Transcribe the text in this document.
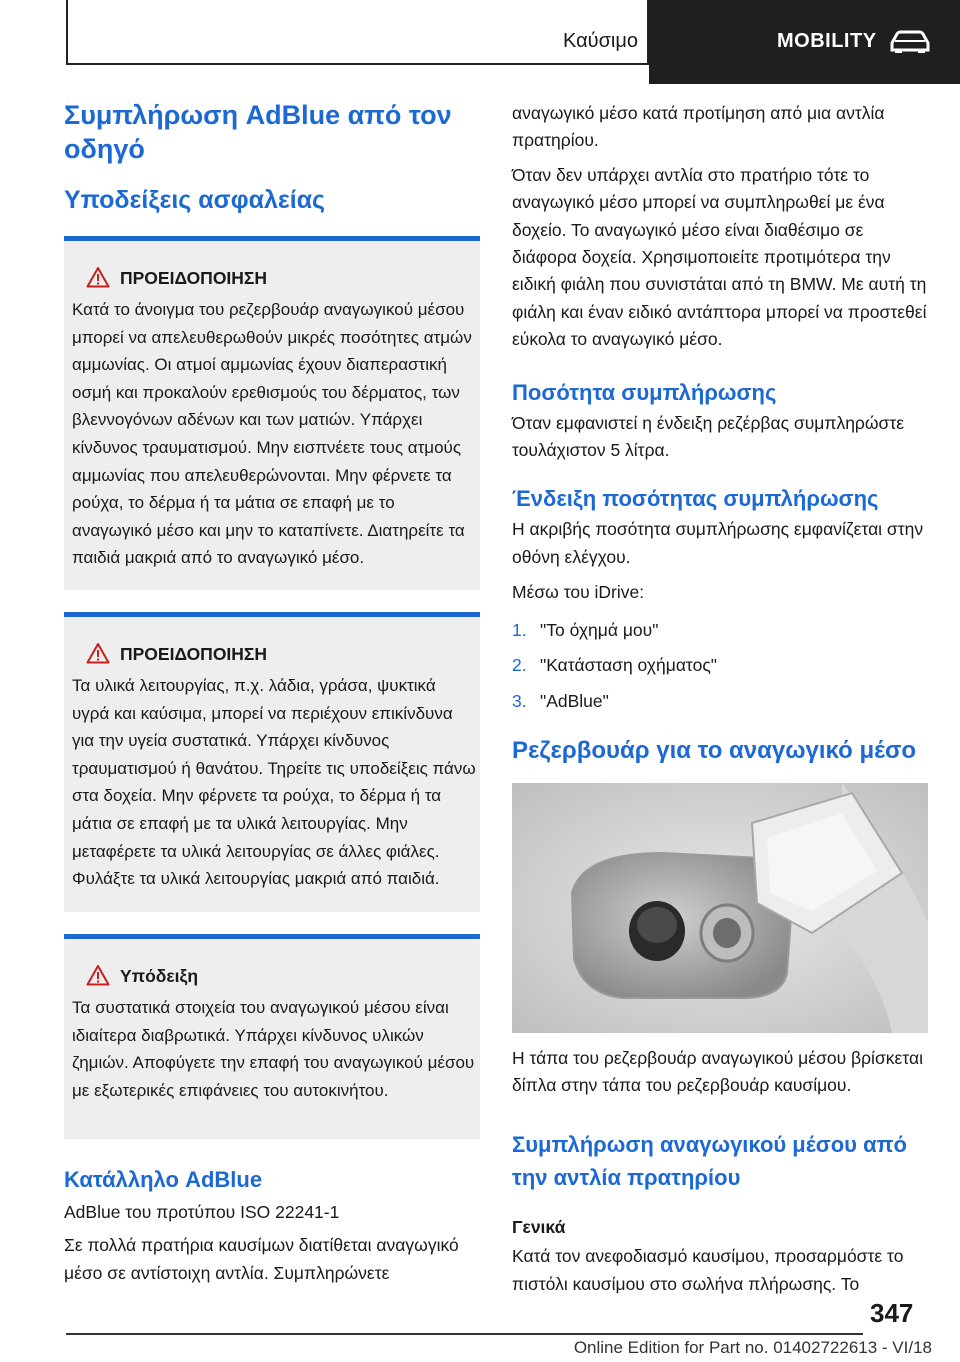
Καύσιμο	MOBILITY
Συμπλήρωση AdBlue από τον οδηγό
Υποδείξεις ασφαλείας
ΠΡΟΕΙΔΟΠΟΙΗΣΗ

Κατά το άνοιγμα του ρεζερβουάρ αναγωγικού μέσου μπορεί να απελευθερωθούν μικρές ποσότητες ατμών αμμωνίας. Οι ατμοί αμμωνίας έχουν διαπεραστική οσμή και προκαλούν ερεθισμούς του δέρματος, των βλεννογόνων αδένων και των ματιών. Υπάρχει κίνδυνος τραυματισμού. Μην εισπνέετε τους ατμούς αμμωνίας που απελευθερώνονται. Μην φέρνετε τα ρούχα, το δέρμα ή τα μάτια σε επαφή με το αναγωγικό μέσο και μην το καταπίνετε. Διατηρείτε τα παιδιά μακριά από το αναγωγικό μέσο.

ΠΡΟΕΙΔΟΠΟΙΗΣΗ

Τα υλικά λειτουργίας, π.χ. λάδια, γράσα, ψυκτικά υγρά και καύσιμα, μπορεί να περιέχουν επικίνδυνα για την υγεία συστατικά. Υπάρχει κίνδυνος τραυματισμού ή θανάτου. Τηρείτε τις υποδείξεις πάνω στα δοχεία. Μην φέρνετε τα ρούχα, το δέρμα ή τα μάτια σε επαφή με τα υλικά λειτουργίας. Μην μεταφέρετε τα υλικά λειτουργίας σε άλλες φιάλες. Φυλάξτε τα υλικά λειτουργίας μακριά από παιδιά.

Υπόδειξη

Τα συστατικά στοιχεία του αναγωγικού μέσου είναι ιδιαίτερα διαβρωτικά. Υπάρχει κίνδυνος υλικών ζημιών. Αποφύγετε την επαφή του αναγωγικού μέσου με εξωτερικές επιφάνειες του αυτοκινήτου.

Κατάλληλο AdBlue

AdBlue του προτύπου ISO 22241-1

Σε πολλά πρατήρια καυσίμων διατίθεται αναγωγικό μέσο σε αντίστοιχη αντλία. Συμπληρώνετε

αναγωγικό μέσο κατά προτίμηση από μια αντλία πρατηρίου.

Όταν δεν υπάρχει αντλία στο πρατήριο τότε το αναγωγικό μέσο μπορεί να συμπληρωθεί με ένα δοχείο. Το αναγωγικό μέσο είναι διαθέσιμο σε διάφορα δοχεία. Χρησιμοποιείτε προτιμότερα την ειδική φιάλη που συνιστάται από τη BMW. Με αυτή τη φιάλη και έναν ειδικό αντάπτορα μπορεί να προστεθεί εύκολα το αναγωγικό μέσο.

Ποσότητα συμπλήρωσης

Όταν εμφανιστεί η ένδειξη ρεζέρβας συμπληρώστε τουλάχιστον 5 λίτρα.

Ένδειξη ποσότητας συμπλήρωσης

Η ακριβής ποσότητα συμπλήρωσης εμφανίζεται στην οθόνη ελέγχου.

Μέσω του iDrive:

1. "Το όχημά μου"
2. "Κατάσταση οχήματος"
3. "AdBlue"
Ρεζερβουάρ για το αναγωγικό μέσο

Η τάπα του ρεζερβουάρ αναγωγικού μέσου βρίσκεται δίπλα στην τάπα του ρεζερβουάρ καυσίμου.

Συμπλήρωση αναγωγικού μέσου από την αντλία πρατηρίου

Γενικά

Κατά τον ανεφοδιασμό καυσίμου, προσαρμόστε το πιστόλι καυσίμου στο σωλήνα πλήρωσης. Το

347
Online Edition for Part no. 01402722613 - VI/18
